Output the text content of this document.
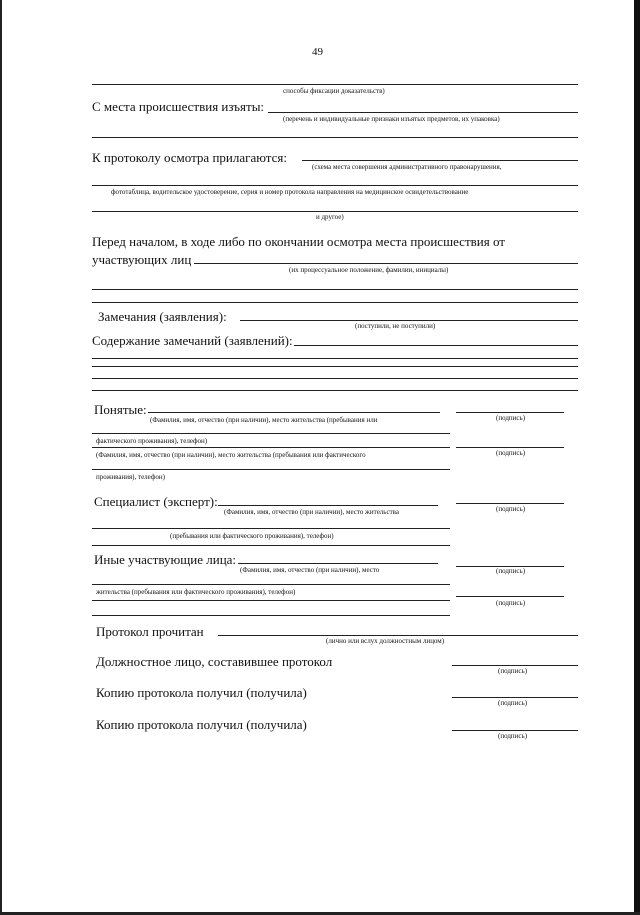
49
способы фиксации доказательств)
С места происшествия изъяты:
(перечень и индивидуальные признаки изъятых предметов, их упаковка)
К протоколу осмотра прилагаются:
(схема места совершения административного правонарушения,
фототаблица, водительское удостоверение, серия и номер протокола направления на медицинское освидетельствование
и другое)
Перед началом, в ходе либо по окончании осмотра места происшествия от
участвующих лиц
(их процессуальное положение, фамилии, инициалы)
Замечания (заявления):
(поступили, не поступили)
Содержание замечаний (заявлений):
Понятые:
(Фамилия, имя, отчество (при наличии), место жительства (пребывания или	(подпись)
фактического проживания), телефон)
(Фамилия, имя, отчество (при наличии), место жительства (пребывания или фактического	(подпись)
проживания), телефон)
Специалист (эксперт):
(Фамилия, имя, отчество (при наличии), место жительства	(подпись)
(пребывания или фактического проживания), телефон)
Иные участвующие лица:
(Фамилия, имя, отчество (при наличии), место	(подпись)
жительства (пребывания или фактического проживания), телефон)
(подпись)
Протокол прочитан
(лично или вслух должностным лицом)
Должностное лицо, составившее протокол
(подпись)
Копию протокола получил (получила)
(подпись)
Копию протокола получил (получила)
(подпись)
